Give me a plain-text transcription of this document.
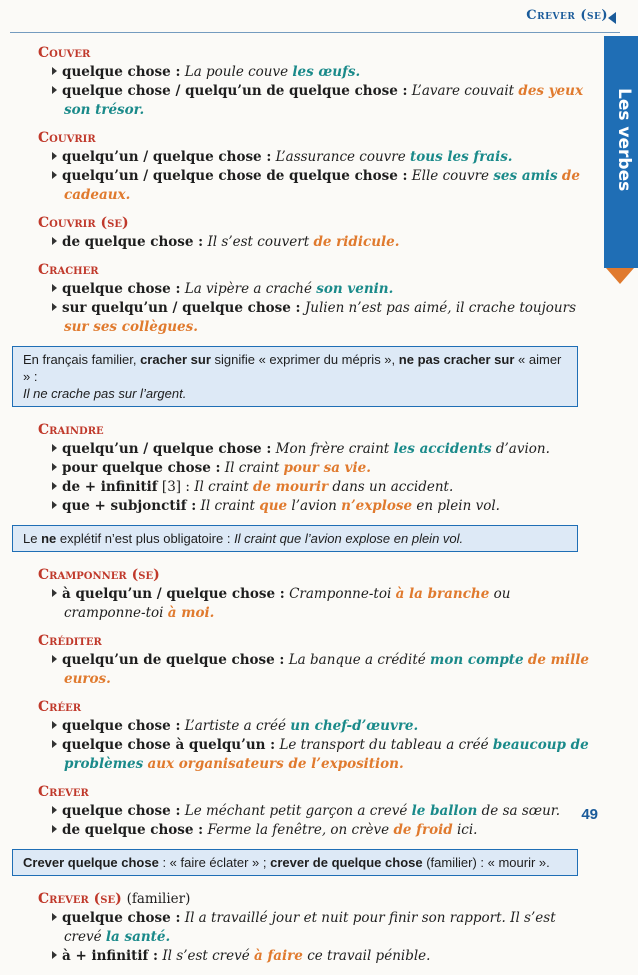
Crever (se)
Les verbes
Couver
quelque chose : La poule couve les œufs.
quelque chose / quelqu’un de quelque chose : L’avare couvait des yeux son trésor.
Couvrir
quelqu’un / quelque chose : L’assurance couvre tous les frais.
quelqu’un / quelque chose de quelque chose : Elle couvre ses amis de cadeaux.
Couvrir (se)
de quelque chose : Il s’est couvert de ridicule.
Cracher
quelque chose : La vipère a craché son venin.
sur quelqu’un / quelque chose : Julien n’est pas aimé, il crache toujours sur ses collègues.
En français familier, cracher sur signifie « exprimer du mépris », ne pas cracher sur « aimer » :
Il ne crache pas sur l’argent.
Craindre
quelqu’un / quelque chose : Mon frère craint les accidents d’avion.
pour quelque chose : Il craint pour sa vie.
de + infinitif [3] : Il craint de mourir dans un accident.
que + subjonctif : Il craint que l’avion n’explose en plein vol.
Le ne explétif n’est plus obligatoire : Il craint que l’avion explose en plein vol.
Cramponner (se)
à quelqu’un / quelque chose : Cramponne-toi à la branche ou cramponne-toi à moi.
Créditer
quelqu’un de quelque chose : La banque a crédité mon compte de mille euros.
Créer
quelque chose : L’artiste a créé un chef-d’œuvre.
quelque chose à quelqu’un : Le transport du tableau a créé beaucoup de problèmes aux organisateurs de l’exposition.
Crever
quelque chose : Le méchant petit garçon a crevé le ballon de sa sœur.
de quelque chose : Ferme la fenêtre, on crève de froid ici.
Crever quelque chose : « faire éclater » ; crever de quelque chose (familier) : « mourir ».
Crever (se) (familier)
quelque chose : Il a travaillé jour et nuit pour finir son rapport. Il s’est crevé la santé.
à + infinitif : Il s’est crevé à faire ce travail pénible.
49
